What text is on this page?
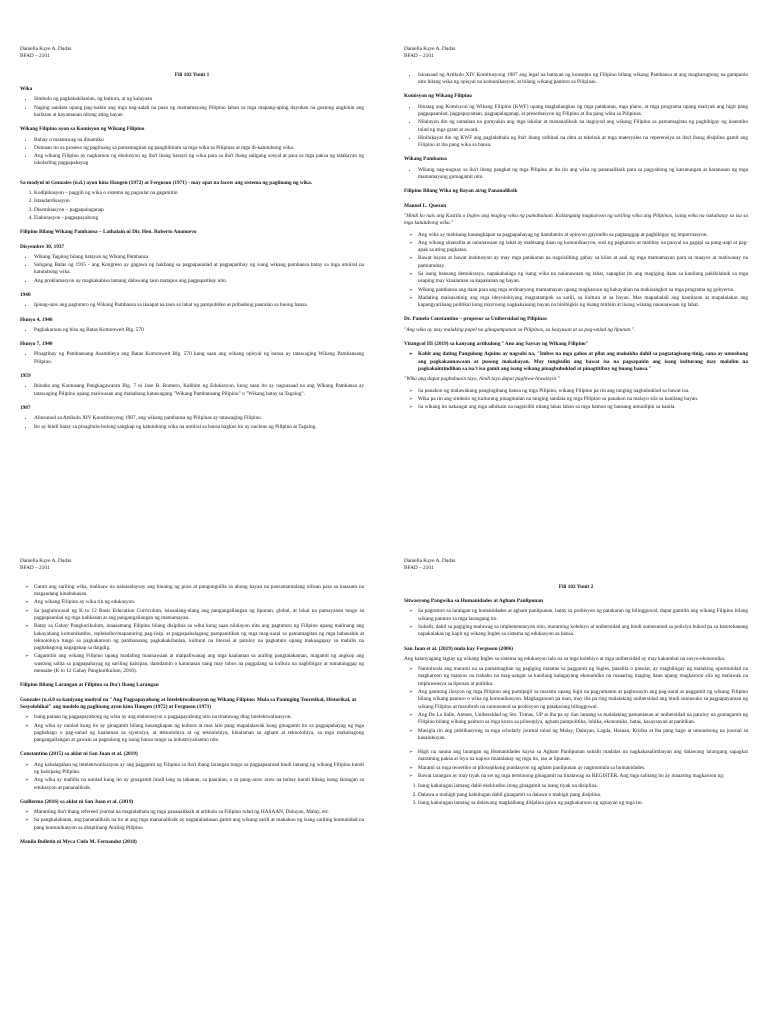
Daniella Kaye A. Dudas
BFAD – 2101
Fili 102 Yunit 1
Wika
• Simbolo ng pagkakakilanlan, ng kultura, at ng kalayaan
• Naging sandata upang pag-isahin ang mga nag-aalab na puso ng mamamayang Pilipino laban sa mga mapang-aping dayuhan na gustong angkinin ang kariktan at kayamanan nitong ating bayan
Wikang Filipino ayon sa Komisyon ng Wikang Filipino
• Buhay o matatawag na dinamiko
• Dumaan ito sa proseso ng paglinang sa pamamagitan ng panghihiram sa mga wika sa Pilipinas at mga di-katutubong wika.
• Ang wikang Filipino ay nagkaroon ng ebolusyon ng iba't ibang barayti ng wika para sa iba't ibang saligang sosyal at para sa mga paksa ng talakayan ng iskolarling pagpapahayag
Sa modyul ni Gonzales (n.d.) ayon kina Haugen (1972) at Ferguson (1971) - may apat na facets ang sistema ng paglinang ng wika.
1. Kodipikasyon – paggili ng wika o sistema ng pagsulat na gagamitin
2. Istandardisasyon
3. Diseminasyon – pagpapalaganap
4. Elaborasyon - pagpapayabong
Filipino Bilang Wikang Pambansa – Lathalain ni Dir. Hen. Roberto Anonuevo
Disyembre 30, 1937
• Wikang Tagalog bilang batayan ng Wikang Pambansa
• Saligang Batas ng 1935 - ang Kongreso ay gagawa ng hakbang sa pagpapaunlad at pagpapatibay ng isang wikang pambansa batay sa mga umiiral na katutubong wika.
• Ang proklamasyon ay magkakabisa lamang dalawang taon matapos ang pagpapatibay nito.
1940
• Ipinag-utos ang pagtuturo ng Wikang Pambansa sa ikaapat na taon sa lahat ng pampubliko at pribadong paaralan sa buong bansa.
Hunyo 4, 1946
• Pagkakaroon ng bisa ng Batas Komonwelt Blg. 570
Hunyo 7, 1940
• Pinagtibay ng Pambansang Asambleya ang Batas Komonwelt Blg. 570 kung saan ang wikang opisyal ng bansa ay tatawaging Wikang Pambansang Pilipino.
1959
• Ibinaba ang Kautusang Pangkagawaran Blg. 7 ni Jose B. Romero, Kalihim ng Edukasyon, kung saan ito ay nagsasaad na ang Wikang Pambansa ay tatawaging Pilipino upang maiiwasan ang mahabang katawagang "Wikang Pambansang Pilipino" o "Wikang batay sa Tagalog".
1987
• Alinsunod sa Artikulo XIV Konstitusyong 1987, ang wikang pambansa ng Pilipinas ay tatawaging Filipino.
• Ito ay hindi batay sa pinagbulo-bulong sangkap ng katutubong wika na umiiral sa bansa bagkus ito ay nucleus ng Pilipino at Tagalog.
Daniella Kaye A. Dudas
BFAD – 2101
• Isinasaad ng Artikulo XIV Kontitusyong 1987 ang legal na batayan ng konsepto ng Filipino bilang wikang Pambansa at ang magkarugtong na gampanin nito bilang wika ng opisyal na komunikasyon, at bilang wikang panturo sa Pilipinas.
Komisyon ng Wikang Filipino
• Itinatag ang Komisyon ng Wikang Filipino (KWF) upang magbalangkas ng mga patakaran, mga plano, at mga programa upang matiyak ang higit pang pagpapaunlad, pagpapayaman, pagpapalaganap, at preserbasyon ng Filipino at iba pang wika sa Pilipinas.
• Nilalayon din ng samahan na gumyakin ang mga iskolar at mananaliksik na itaguyod ang wikang Filipino sa pamamagitan ng pagbibigay ng insentibo tulad ng mga grant at award.
• Hinihikayat din ng KWF ang paglalathala ng iba't ibang orihinal na obra at teksbuk at mga materyales na reperensiya sa iba't ibang disiplina gamit ang Filipino at iba pang wika sa bansa.
Wikang Pambansa
• Wikang nag-uugnay sa iba't ibang pangkat ng mga Pilipino at ito rin ang wika ng pananaliksik para sa pagyabong ng karunungan at karanasan ng mga mamamayang gumagamit nito.
Filipino Bilang Wika ng Bayan at/ng Pananaliksik
Manuel L. Quezon
"Hindi ko nais ang Kastila o Ingles ang maging wika ng pamahalaan. Kailangang magkaroon ng sariling wika ang Pilipinas, isang wika na nakabatay sa isa sa mga katutubong wika."
➢ Ang wika ay mabisang kasangkapan sa pagpapahayag ng damdamin at opinyon gayundin sa pagtanggap at pagbibigay ng impormasyon.
➢ Ang wikang sinasalita at naiunawaan ng lahat ay mabisang daan ng komunikasyon, susi ng pagkatuto at matibay na panyal na gagapi sa pang-aapi at pag-apak sa ating pagkatao.
➢ Bawat bayan at bawat institusyon ay may mga patakaran na nagsisilbing gabay sa kilos at asal ng mga mamamayan para sa maayos at matiwasay na pamumuhay.
➢ Sa isang bansang demokrasya, napakahalaga ng isang wika na naiunawaan ng lahat, sapagkat ito ang magiging daan sa kanilang pakikilahok sa mga usaping may kinalaman sa kapakanan ng bayan.
➢ Wikang pambansa ang daan para ang mga ordinaryong mamamayan upang magkaroon ng kakayahan na makisangkot sa mga programa ng gobyerno.
➢ Madaling maisasatinig ang mga ideyolohiyang magtatampok sa sarili, sa kultura at sa bayan. Mas mapadadali ang kaunlaran at mapalalakas ang kapangyarihang politikal kung mayroong nagkakaisang bayan na binibigkis ng iisang mithiin at iisang wikang nauunawaan ng lahat.
Dr. Pamela Constantino – propesor sa Unibersidad ng Pilipinas
"Ang wika ay may malaking papel na ginagampanan sa Pilipinas, sa kaayusan at sa pag-unlad ng lipunan.".
Vitangcol III (2019) sa kanyang artikulong "Ano ang Saysay ng Wikang Filipino"
➢ Kahit ang dating Pangulong Aquino ay nagsabi na, "Imbes na mga gahos at pilat ang makukha dahil sa pagtatagisang-tinig, sana ay umusbong ang pagkakaunawaan at pusong makabayan. May tungkulin ang bawat isa na pagsapanin ang isang kulturang may malalim na pagkakaintindihan sa isa't isa gamit ang isang wikang pinagbubuklod at pinagtitibay ng buong bansa."
"Wika ang dapat pagbubuoin tayo, hindi tayo dapat paghiwa-hiwalayin."
➢ Sa panahon ng malawakang pangingibang bansa ng mga Pilipino, wikang Filipino pa rin ang tanging nagbubuklod sa bawat isa.
➢ Wika pa rin ang simbolo ng kulturang pinagmulan na tanging sandata ng mga Pilipino sa panahon na malayo sila sa kanilang bayan.
➢ Sa wikang ito nakaugat ang mga adhikain na nagsisilbi nilang lakas laban sa mga hamon ng bansang umuulipin sa kanila.
Daniella Kaye A. Dudas
BFAD – 2101
➢ Gamit ang sariling wika, malinaw na naisasalaysay ang hinaing ng puso at pangungulila sa ahong bayan na pansamantalang nilisan para sa inaasam na magandang kinabukasan.
➢ Ang wikang Filipino ay wika rin ng edukasyon.
➢ Sa pagluluwasal ng K to 12 Basic Education Curriculum, isinaalang-alang ang pangangailangan ng lipunan, global, at lokal na pamayanan tungo sa pagpapaunlad ng mga kalikasan at ang pangangailangan ng mamamayan.
➢ Batay sa Gabay Pangkurikulum, inaasamang Filipino bilang disiplina sa wika kung saan nilalayon nito ang pagtuturo ng Filipino upang malinang ang kakayahang komunikatibo, repleksibo/mapanuring pag-iisip, at pagpapahalagang pampanitikan ng mga mag-aaral sa pamamagitan ng mga babasahin at teknolohiya tungo sa pagkakaroon ng pambansang pagkakakilanlan, kultural na literasi at patuloy na pagkatuto upang makaagapay sa mabilis na pagbabagong nagaganap sa daigdig.
➢ Gagamitin ang wikang Filipino upang madaling maunawaan at maipaliwanag ang mga kaalaman sa araling pangtalakaman, magamit ng angkop ang wastong salita sa pagpapahayag ng sariling kaisipan, damdamin o karanasan nang may lubos na paggalang sa kultura na nagbibigay at tumatanggap ng mensahe (K to 12 Gabay Pangkurikulum, 2016).
Filipino Bilang Larangan at Filipino sa Iba't Ibang Larangan
Gonzales (n.d.0 sa kaniyang modyul na "Ang Pagpapayabong at Intelektwalisasyon ng Wikang Filipino: Mula sa Paninging Teoretikal, Historikal, at Sosyolohikal" ang modelo ng paglinang ayon kina Haugen (1972) at Ferguson (1971)
➢ Isang paraan ng pagpapayabong ng wika ay ang elaborasyon o pagpapayabong nito na tinatawag ding intelektwalisasyon.
➢ Ang wika ay uunlad kung ito ay ginagamit bilang kasangkapan ng kultura at mas lalo pang mapalalawak kung ginagamit ito sa pagpapahayag ng mga pagbabago o pag-unlad ng kaalaman sa siyensiya, at teknolohiya at ng teknolohiya, kinalaman sa agham at teknolohiya, sa mga makabagong pangangailangan at gawain sa pagsulong ng isang bansa tungo sa industriyalisemo nito.
Constantino (2015) sa aklat ni San Juan et al. (2019)
➢ Ang kahalagahan ng intelektwalisasyon ay ang paggamit ng Filipino sa iba't ibang larangan tungo sa pagpapaunlad hindi lamang ng wikang Filipino kundi ng kaisipang Pilipino.
➢ Ang wika ay mabilis na uunlad kung ito ay ginagamit hindi lang sa tahanan, sa paaralan, o sa pang-araw araw na buhay kundi bilang isang larangan sa edukasyon at pananaliksik.
Guillermo (2016) sa aklat ni San Juan et al. (2019)
➢ Maraming iba't ibang refereed journal na maglalathala ng mga pananaliksik at artikulo sa Filipino tulad ng HASAAN, Daluyan, Malay, etc.
➢ Sa pangkalahatan, ang pananaliksik na ito at ang mga mananaliksik ay nagtatalastasan gamit ang wikang sarili at makabuo ng isang sariling komunidad na pang komunikasyon sa disiplinang Araling Pilipino
Manila Bulletin ni Myca Cielo M. Fernandez (2018)
Daniella Kaye A. Dudas
BFAD – 2101
Fili 102 Yunit 2
Sitwasyong Pangwika sa Humanidades at Agham Panlipunan
➢ Sa pagtuturo sa larangan ng humanidades at agham panlipunan, batay sa probisyon ng patakaran ng bilingguwal, dapat gamitin ang wikang Filipino bilang wikang panturo sa mga larangang ito.
➢ Subalit, dahil sa pagiging maluwag sa implementasyon nito, maraming kolehiyo at unibersidad ang hindi sumusunod sa polisiya bukod pa sa katotohanang napakalakas ng kapit ng wikang Ingles sa sistema ng edukasyon sa bansa.
San Juan et al. (2019) mula kay Ferguson (2006)

Ang katanyagang taglay ng wikang Ingles sa sistema ng edukasyon lalo na sa mga kolehiyo at mga unibersidad ay may kakambal na sosyo-ekonomiko.

➢ Naniniwala ang marami na sa pamamagitan ng pagiging matatas sa paggamit ng Ingles, pasalita o pasulat, ay magbibigay ng malaking oportunidad na magkaroon ng maayos na trabaho na mag-aangat sa kanilang kalagayang ekonomiko na maaaring maging daan upang magkaroon sila ng malawak na impluwensya sa lipunan at politika.
➢ Ang ganitong ilusyon ng mga Pilipino ang pumipigil sa marami upang higit na pagyamanin at paghusayin ang pag-aaral at paggamit ng wikang Filipino bilang wikang panturo o wika ng komunikasyon. Magkaganoon pa man, may iba pa ring malalaking unibersidad ang hindi sumusuko sa pagpapayaman ng wikang Filipino at marubrob na sumusunod sa probisyon ng patakarang bilingguwal.
➢ Ang De La Salle, Ateneo, Unibersidad ng Sto. Tomas, UP at iba pa ay ilan lamang sa malalaking pamantasan at unibersidad na patuloy na gumagamit ng Filipino bilang wikang panturo sa mga kurso sa pilosopiya, agham pampolitika, lohika, ekonomiks, batas, kasaysayan at panitikan.
➢ Masigla rin ang publikasyong sa mga scholarly journal tulad ng Malay, Daluyan, Lagda, Hasaan, Kritika at iba pang bago at umuusbong na journal sa kasalukuyan.
➢ Higit na nauna ang larangan ng Humanidades kaysa sa Agham Panlipunan subalit madalas na nagkakasalimbayan ang dalawang larangang sapagkat maraming paksa at isyu na kapwa tinatalakay ng mga ito, tao at lipunan.
➢ Marami sa mga teoretiko at pilosopikong pundasyon ng agham panlipunan ay nagmumula sa humanidades.
➢ Bawat larangan ay may tiyak na set ng mga terminong ginagamit na tinatawag na REGISTER. Ang mga salitang ito ay maaaring magkaroon ng:
1. Isang kahulugan lamang dahil eksklusibo itong ginagamit sa isang tiyak na disiplina.
2. Dalawa o mahigit pang kahulugan dahil ginagamit sa dalawa o mahigit pang disiplina.
3. Isang kahulugan lamang sa dalawang magkaibang disiplina gawa ng pagkakaroon ng ugnayan ng mga ito.
